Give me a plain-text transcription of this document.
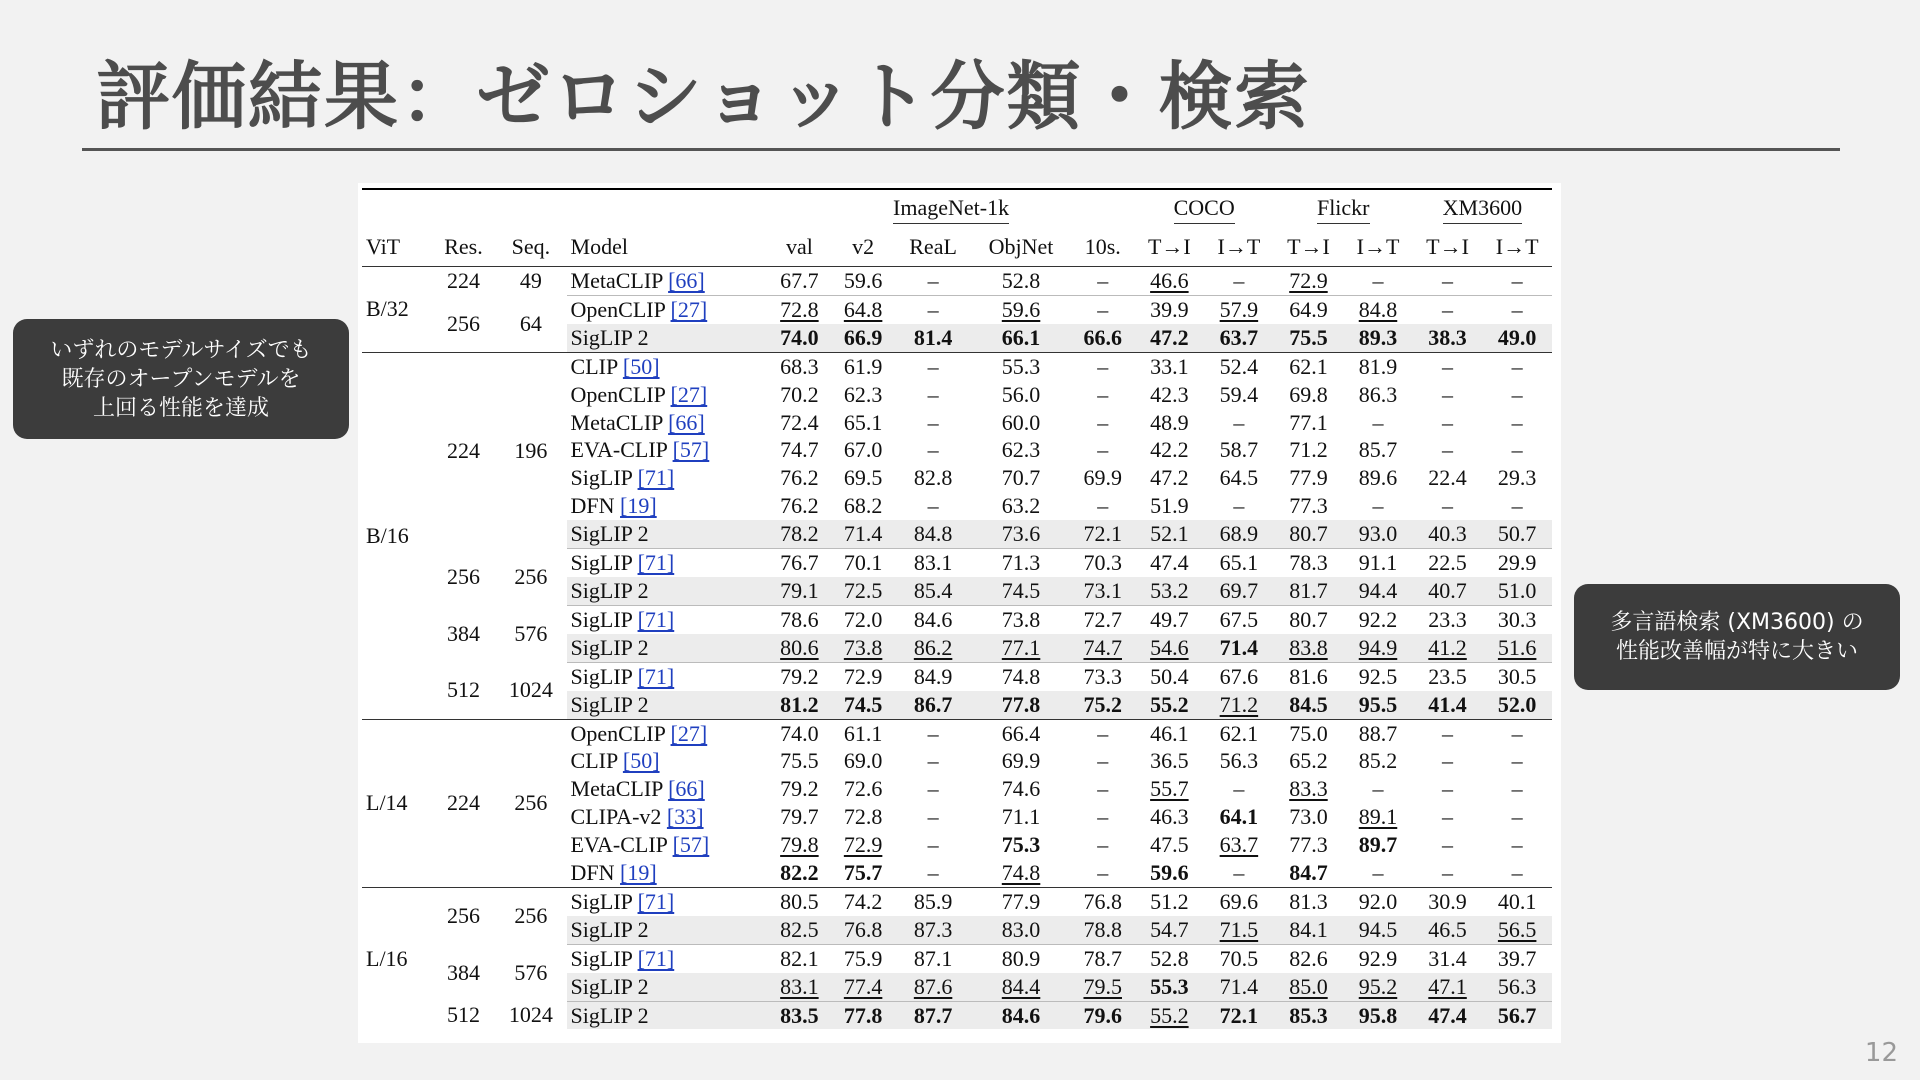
評価結果：ゼロショット分類・検索
いずれのモデルサイズでも
既存のオープンモデルを
上回る性能を達成
多言語検索 (XM3600) の
性能改善幅が特に大きい
				ImageNet-1k					COCO		Flickr		XM3600	
ViT	Res.	Seq.	Model	val	v2	ReaL	ObjNet	10s.	T→I	I→T	T→I	I→T	T→I	I→T
B/32	224	49	MetaCLIP [66]	67.7	59.6	–	52.8	–	46.6	–	72.9	–	–	–
	256	64	OpenCLIP [27]	72.8	64.8	–	59.6	–	39.9	57.9	64.9	84.8	–	–
			SigLIP 2	74.0	66.9	81.4	66.1	66.6	47.2	63.7	75.5	89.3	38.3	49.0
B/16	224	196	CLIP [50]	68.3	61.9	–	55.3	–	33.1	52.4	62.1	81.9	–	–
			OpenCLIP [27]	70.2	62.3	–	56.0	–	42.3	59.4	69.8	86.3	–	–
			MetaCLIP [66]	72.4	65.1	–	60.0	–	48.9	–	77.1	–	–	–
			EVA-CLIP [57]	74.7	67.0	–	62.3	–	42.2	58.7	71.2	85.7	–	–
			SigLIP [71]	76.2	69.5	82.8	70.7	69.9	47.2	64.5	77.9	89.6	22.4	29.3
			DFN [19]	76.2	68.2	–	63.2	–	51.9	–	77.3	–	–	–
			SigLIP 2	78.2	71.4	84.8	73.6	72.1	52.1	68.9	80.7	93.0	40.3	50.7
	256	256	SigLIP [71]	76.7	70.1	83.1	71.3	70.3	47.4	65.1	78.3	91.1	22.5	29.9
			SigLIP 2	79.1	72.5	85.4	74.5	73.1	53.2	69.7	81.7	94.4	40.7	51.0
	384	576	SigLIP [71]	78.6	72.0	84.6	73.8	72.7	49.7	67.5	80.7	92.2	23.3	30.3
			SigLIP 2	80.6	73.8	86.2	77.1	74.7	54.6	71.4	83.8	94.9	41.2	51.6
	512	1024	SigLIP [71]	79.2	72.9	84.9	74.8	73.3	50.4	67.6	81.6	92.5	23.5	30.5
			SigLIP 2	81.2	74.5	86.7	77.8	75.2	55.2	71.2	84.5	95.5	41.4	52.0
L/14	224	256	OpenCLIP [27]	74.0	61.1	–	66.4	–	46.1	62.1	75.0	88.7	–	–
			CLIP [50]	75.5	69.0	–	69.9	–	36.5	56.3	65.2	85.2	–	–
			MetaCLIP [66]	79.2	72.6	–	74.6	–	55.7	–	83.3	–	–	–
			CLIPA-v2 [33]	79.7	72.8	–	71.1	–	46.3	64.1	73.0	89.1	–	–
			EVA-CLIP [57]	79.8	72.9	–	75.3	–	47.5	63.7	77.3	89.7	–	–
			DFN [19]	82.2	75.7	–	74.8	–	59.6	–	84.7	–	–	–
L/16	256	256	SigLIP [71]	80.5	74.2	85.9	77.9	76.8	51.2	69.6	81.3	92.0	30.9	40.1
			SigLIP 2	82.5	76.8	87.3	83.0	78.8	54.7	71.5	84.1	94.5	46.5	56.5
	384	576	SigLIP [71]	82.1	75.9	87.1	80.9	78.7	52.8	70.5	82.6	92.9	31.4	39.7
			SigLIP 2	83.1	77.4	87.6	84.4	79.5	55.3	71.4	85.0	95.2	47.1	56.3
	512	1024	SigLIP 2	83.5	77.8	87.7	84.6	79.6	55.2	72.1	85.3	95.8	47.4	56.7
12
